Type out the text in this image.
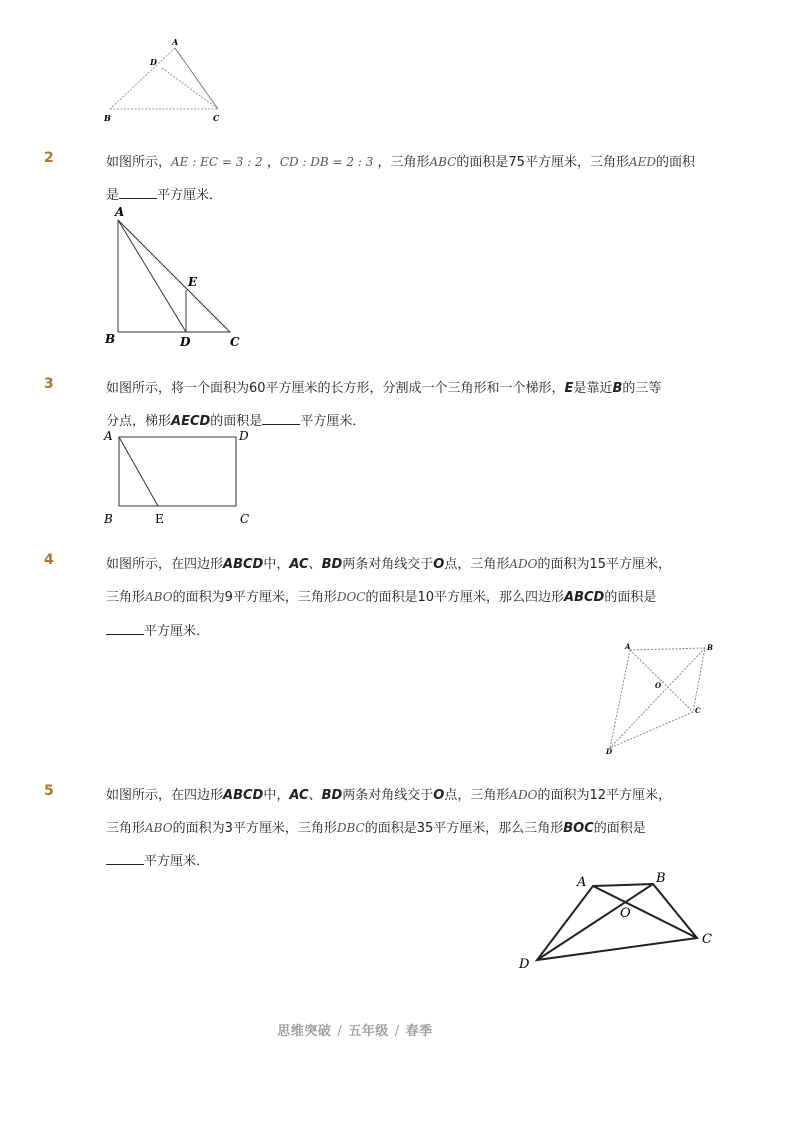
A
D
B	C
2	如图所示，AE : EC = 3 : 2 ，CD : DB = 2 : 3 ，三角形ABC的面积是75平方厘米，三角形AED的面积
是	平方厘米．
A
E
B	D	C
3	如图所示，将一个面积为60平方厘米的长方形，分割成一个三角形和一个梯形，E是靠近B的三等
分点，梯形AECD的面积是	平方厘米．
A	D
B	E	C
4	如图所示，在四边形ABCD中，AC、BD两条对角线交于O点，三角形ADO的面积为15平方厘米，
三角形ABO的面积为9平方厘米，三角形DOC的面积是10平方厘米，那么四边形ABCD的面积是
平方厘米．
A	B
O
C
D
5	如图所示，在四边形ABCD中，AC、BD两条对角线交于O点，三角形ADO的面积为12平方厘米，
三角形ABO的面积为3平方厘米，三角形DBC的面积是35平方厘米，那么三角形BOC的面积是
平方厘米．
A	B
O
C
D
思维突破 / 五年级 / 春季
